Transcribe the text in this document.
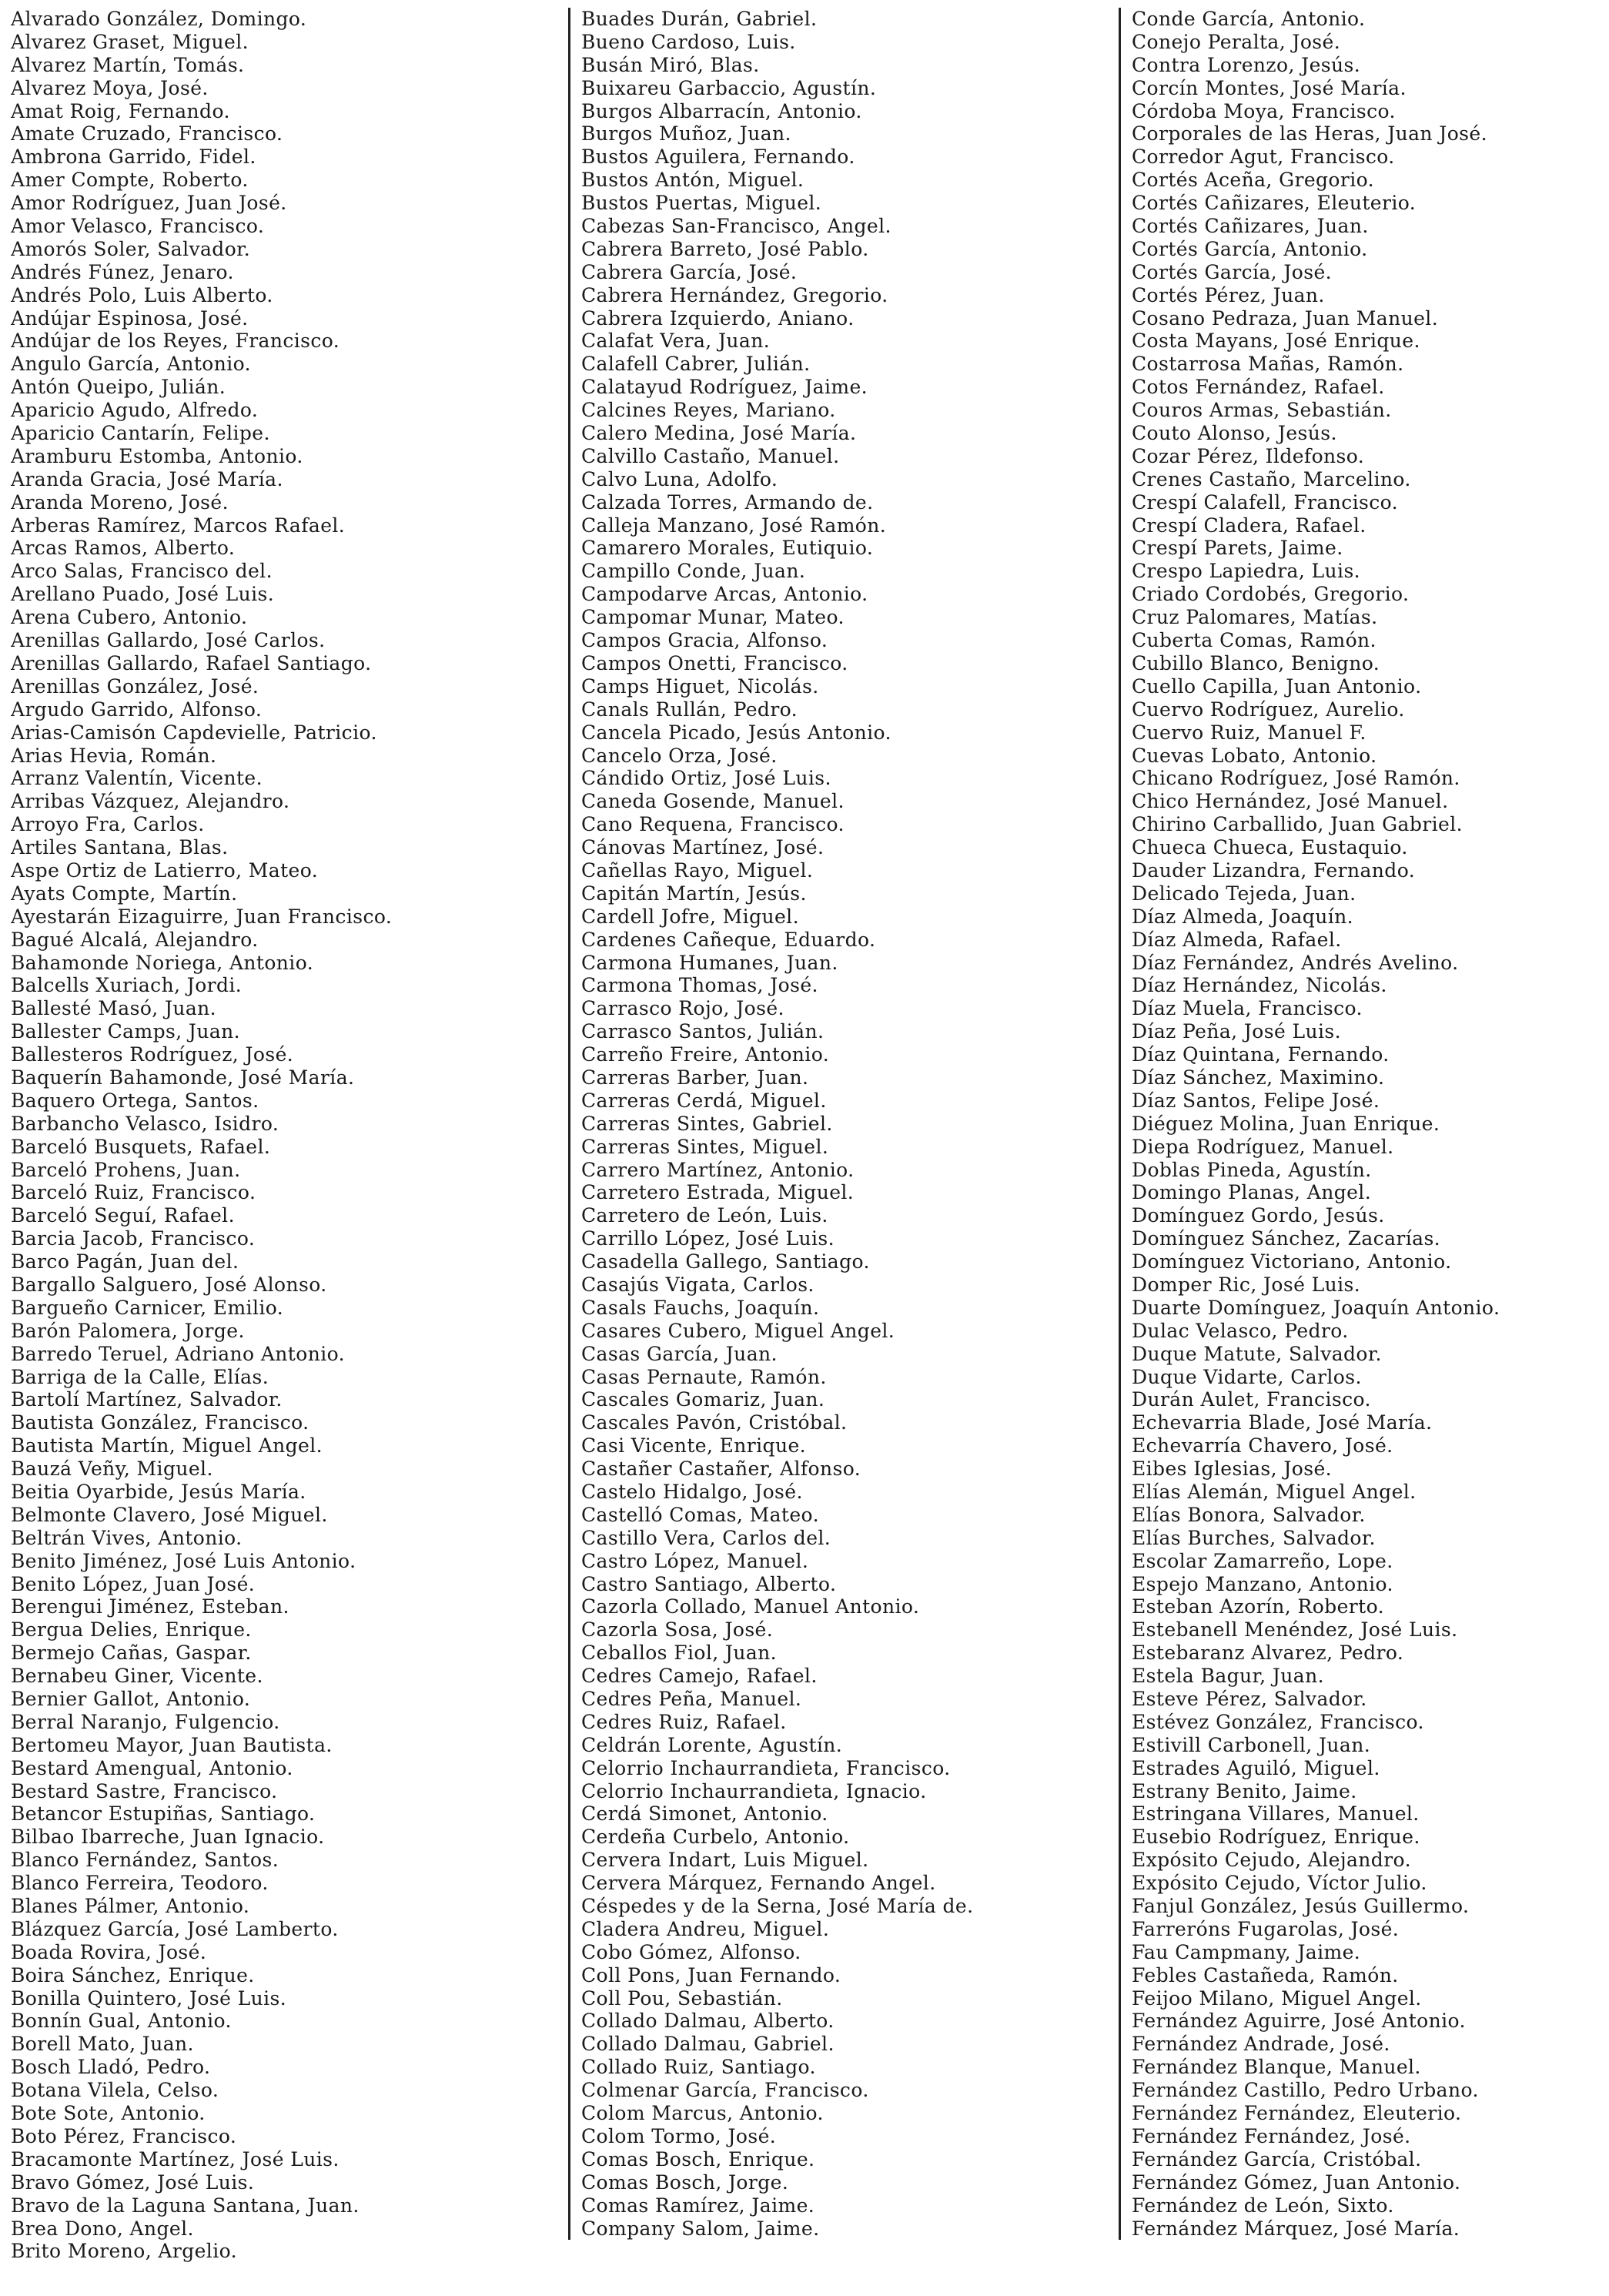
Alvarado González, Domingo.
Alvarez Graset, Miguel.
Alvarez Martín, Tomás.
Alvarez Moya, José.
Amat Roig, Fernando.
Amate Cruzado, Francisco.
Ambrona Garrido, Fidel.
Amer Compte, Roberto.
Amor Rodríguez, Juan José.
Amor Velasco, Francisco.
Amorós Soler, Salvador.
Andrés Fúnez, Jenaro.
Andrés Polo, Luis Alberto.
Andújar Espinosa, José.
Andújar de los Reyes, Francisco.
Angulo García, Antonio.
Antón Queipo, Julián.
Aparicio Agudo, Alfredo.
Aparicio Cantarín, Felipe.
Aramburu Estomba, Antonio.
Aranda Gracia, José María.
Aranda Moreno, José.
Arberas Ramírez, Marcos Rafael.
Arcas Ramos, Alberto.
Arco Salas, Francisco del.
Arellano Puado, José Luis.
Arena Cubero, Antonio.
Arenillas Gallardo, José Carlos.
Arenillas Gallardo, Rafael Santiago.
Arenillas González, José.
Argudo Garrido, Alfonso.
Arias-Camisón Capdevielle, Patricio.
Arias Hevia, Román.
Arranz Valentín, Vicente.
Arribas Vázquez, Alejandro.
Arroyo Fra, Carlos.
Artiles Santana, Blas.
Aspe Ortiz de Latierro, Mateo.
Ayats Compte, Martín.
Ayestarán Eizaguirre, Juan Francisco.
Bagué Alcalá, Alejandro.
Bahamonde Noriega, Antonio.
Balcells Xuriach, Jordi.
Ballesté Masó, Juan.
Ballester Camps, Juan.
Ballesteros Rodríguez, José.
Baquerín Bahamonde, José María.
Baquero Ortega, Santos.
Barbancho Velasco, Isidro.
Barceló Busquets, Rafael.
Barceló Prohens, Juan.
Barceló Ruiz, Francisco.
Barceló Seguí, Rafael.
Barcia Jacob, Francisco.
Barco Pagán, Juan del.
Bargallo Salguero, José Alonso.
Bargueño Carnicer, Emilio.
Barón Palomera, Jorge.
Barredo Teruel, Adriano Antonio.
Barriga de la Calle, Elías.
Bartolí Martínez, Salvador.
Bautista González, Francisco.
Bautista Martín, Miguel Angel.
Bauzá Veñy, Miguel.
Beitia Oyarbide, Jesús María.
Belmonte Clavero, José Miguel.
Beltrán Vives, Antonio.
Benito Jiménez, José Luis Antonio.
Benito López, Juan José.
Berengui Jiménez, Esteban.
Bergua Delies, Enrique.
Bermejo Cañas, Gaspar.
Bernabeu Giner, Vicente.
Bernier Gallot, Antonio.
Berral Naranjo, Fulgencio.
Bertomeu Mayor, Juan Bautista.
Bestard Amengual, Antonio.
Bestard Sastre, Francisco.
Betancor Estupiñas, Santiago.
Bilbao Ibarreche, Juan Ignacio.
Blanco Fernández, Santos.
Blanco Ferreira, Teodoro.
Blanes Pálmer, Antonio.
Blázquez García, José Lamberto.
Boada Rovira, José.
Boira Sánchez, Enrique.
Bonilla Quintero, José Luis.
Bonnín Gual, Antonio.
Borell Mato, Juan.
Bosch Lladó, Pedro.
Botana Vilela, Celso.
Bote Sote, Antonio.
Boto Pérez, Francisco.
Bracamonte Martínez, José Luis.
Bravo Gómez, José Luis.
Bravo de la Laguna Santana, Juan.
Brea Dono, Angel.
Brito Moreno, Argelio.
Buades Durán, Gabriel.
Bueno Cardoso, Luis.
Busán Miró, Blas.
Buixareu Garbaccio, Agustín.
Burgos Albarracín, Antonio.
Burgos Muñoz, Juan.
Bustos Aguilera, Fernando.
Bustos Antón, Miguel.
Bustos Puertas, Miguel.
Cabezas San-Francisco, Angel.
Cabrera Barreto, José Pablo.
Cabrera García, José.
Cabrera Hernández, Gregorio.
Cabrera Izquierdo, Aniano.
Calafat Vera, Juan.
Calafell Cabrer, Julián.
Calatayud Rodríguez, Jaime.
Calcines Reyes, Mariano.
Calero Medina, José María.
Calvillo Castaño, Manuel.
Calvo Luna, Adolfo.
Calzada Torres, Armando de.
Calleja Manzano, José Ramón.
Camarero Morales, Eutiquio.
Campillo Conde, Juan.
Campodarve Arcas, Antonio.
Campomar Munar, Mateo.
Campos Gracia, Alfonso.
Campos Onetti, Francisco.
Camps Higuet, Nicolás.
Canals Rullán, Pedro.
Cancela Picado, Jesús Antonio.
Cancelo Orza, José.
Cándido Ortiz, José Luis.
Caneda Gosende, Manuel.
Cano Requena, Francisco.
Cánovas Martínez, José.
Cañellas Rayo, Miguel.
Capitán Martín, Jesús.
Cardell Jofre, Miguel.
Cardenes Cañeque, Eduardo.
Carmona Humanes, Juan.
Carmona Thomas, José.
Carrasco Rojo, José.
Carrasco Santos, Julián.
Carreño Freire, Antonio.
Carreras Barber, Juan.
Carreras Cerdá, Miguel.
Carreras Sintes, Gabriel.
Carreras Sintes, Miguel.
Carrero Martínez, Antonio.
Carretero Estrada, Miguel.
Carretero de León, Luis.
Carrillo López, José Luis.
Casadella Gallego, Santiago.
Casajús Vigata, Carlos.
Casals Fauchs, Joaquín.
Casares Cubero, Miguel Angel.
Casas García, Juan.
Casas Pernaute, Ramón.
Cascales Gomariz, Juan.
Cascales Pavón, Cristóbal.
Casi Vicente, Enrique.
Castañer Castañer, Alfonso.
Castelo Hidalgo, José.
Castelló Comas, Mateo.
Castillo Vera, Carlos del.
Castro López, Manuel.
Castro Santiago, Alberto.
Cazorla Collado, Manuel Antonio.
Cazorla Sosa, José.
Ceballos Fiol, Juan.
Cedres Camejo, Rafael.
Cedres Peña, Manuel.
Cedres Ruiz, Rafael.
Celdrán Lorente, Agustín.
Celorrio Inchaurrandieta, Francisco.
Celorrio Inchaurrandieta, Ignacio.
Cerdá Simonet, Antonio.
Cerdeña Curbelo, Antonio.
Cervera Indart, Luis Miguel.
Cervera Márquez, Fernando Angel.
Céspedes y de la Serna, José María de.
Cladera Andreu, Miguel.
Cobo Gómez, Alfonso.
Coll Pons, Juan Fernando.
Coll Pou, Sebastián.
Collado Dalmau, Alberto.
Collado Dalmau, Gabriel.
Collado Ruiz, Santiago.
Colmenar García, Francisco.
Colom Marcus, Antonio.
Colom Tormo, José.
Comas Bosch, Enrique.
Comas Bosch, Jorge.
Comas Ramírez, Jaime.
Company Salom, Jaime.
Conde García, Antonio.
Conejo Peralta, José.
Contra Lorenzo, Jesús.
Corcín Montes, José María.
Córdoba Moya, Francisco.
Corporales de las Heras, Juan José.
Corredor Agut, Francisco.
Cortés Aceña, Gregorio.
Cortés Cañizares, Eleuterio.
Cortés Cañizares, Juan.
Cortés García, Antonio.
Cortés García, José.
Cortés Pérez, Juan.
Cosano Pedraza, Juan Manuel.
Costa Mayans, José Enrique.
Costarrosa Mañas, Ramón.
Cotos Fernández, Rafael.
Couros Armas, Sebastián.
Couto Alonso, Jesús.
Cozar Pérez, Ildefonso.
Crenes Castaño, Marcelino.
Crespí Calafell, Francisco.
Crespí Cladera, Rafael.
Crespí Parets, Jaime.
Crespo Lapiedra, Luis.
Criado Cordobés, Gregorio.
Cruz Palomares, Matías.
Cuberta Comas, Ramón.
Cubillo Blanco, Benigno.
Cuello Capilla, Juan Antonio.
Cuervo Rodríguez, Aurelio.
Cuervo Ruiz, Manuel F.
Cuevas Lobato, Antonio.
Chicano Rodríguez, José Ramón.
Chico Hernández, José Manuel.
Chirino Carballido, Juan Gabriel.
Chueca Chueca, Eustaquio.
Dauder Lizandra, Fernando.
Delicado Tejeda, Juan.
Díaz Almeda, Joaquín.
Díaz Almeda, Rafael.
Díaz Fernández, Andrés Avelino.
Díaz Hernández, Nicolás.
Díaz Muela, Francisco.
Díaz Peña, José Luis.
Díaz Quintana, Fernando.
Díaz Sánchez, Maximino.
Díaz Santos, Felipe José.
Diéguez Molina, Juan Enrique.
Diepa Rodríguez, Manuel.
Doblas Pineda, Agustín.
Domingo Planas, Angel.
Domínguez Gordo, Jesús.
Domínguez Sánchez, Zacarías.
Domínguez Victoriano, Antonio.
Domper Ric, José Luis.
Duarte Domínguez, Joaquín Antonio.
Dulac Velasco, Pedro.
Duque Matute, Salvador.
Duque Vidarte, Carlos.
Durán Aulet, Francisco.
Echevarria Blade, José María.
Echevarría Chavero, José.
Eibes Iglesias, José.
Elías Alemán, Miguel Angel.
Elías Bonora, Salvador.
Elías Burches, Salvador.
Escolar Zamarreño, Lope.
Espejo Manzano, Antonio.
Esteban Azorín, Roberto.
Estebanell Menéndez, José Luis.
Estebaranz Alvarez, Pedro.
Estela Bagur, Juan.
Esteve Pérez, Salvador.
Estévez González, Francisco.
Estivill Carbonell, Juan.
Estrades Aguiló, Miguel.
Estrany Benito, Jaime.
Estringana Villares, Manuel.
Eusebio Rodríguez, Enrique.
Expósito Cejudo, Alejandro.
Expósito Cejudo, Víctor Julio.
Fanjul González, Jesús Guillermo.
Farreróns Fugarolas, José.
Fau Campmany, Jaime.
Febles Castañeda, Ramón.
Feijoo Milano, Miguel Angel.
Fernández Aguirre, José Antonio.
Fernández Andrade, José.
Fernández Blanque, Manuel.
Fernández Castillo, Pedro Urbano.
Fernández Fernández, Eleuterio.
Fernández Fernández, José.
Fernández García, Cristóbal.
Fernández Gómez, Juan Antonio.
Fernández de León, Sixto.
Fernández Márquez, José María.
